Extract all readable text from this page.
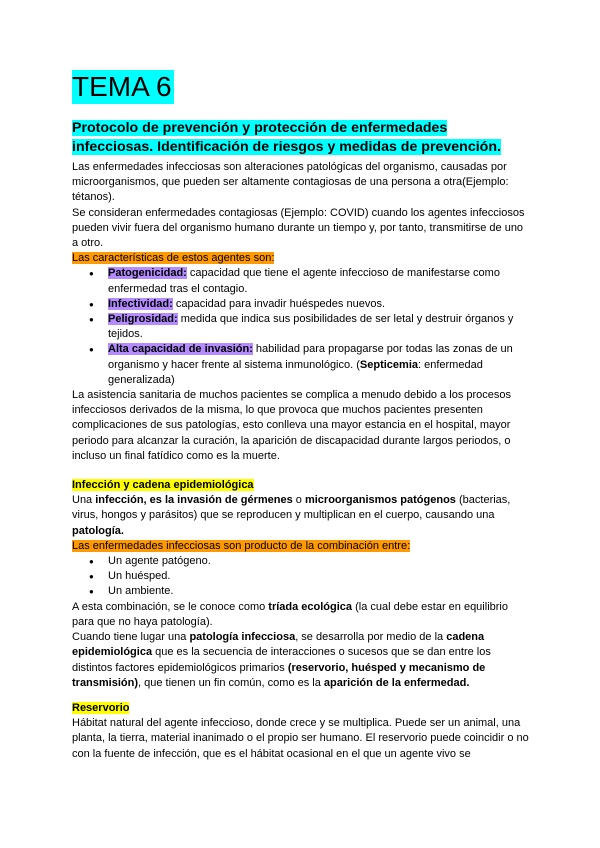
TEMA 6
Protocolo de prevención y protección de enfermedades
infecciosas. Identificación de riesgos y medidas de prevención.

Las enfermedades infecciosas son alteraciones patológicas del organismo, causadas por microorganismos, que pueden ser altamente contagiosas de una persona a otra(Ejemplo: tétanos).

Se consideran enfermedades contagiosas (Ejemplo: COVID) cuando los agentes infecciosos pueden vivir fuera del organismo humano durante un tiempo y, por tanto, transmitirse de uno a otro.

Las características de estos agentes son:

● Patogenicidad: capacidad que tiene el agente infeccioso de manifestarse como enfermedad tras el contagio.
● Infectividad: capacidad para invadir huéspedes nuevos.
● Peligrosidad: medida que indica sus posibilidades de ser letal y destruir órganos y tejidos.
● Alta capacidad de invasión: habilidad para propagarse por todas las zonas de un organismo y hacer frente al sistema inmunológico. (Septicemia: enfermedad generalizada)

La asistencia sanitaria de muchos pacientes se complica a menudo debido a los procesos infecciosos derivados de la misma, lo que provoca que muchos pacientes presenten complicaciones de sus patologías, esto conlleva una mayor estancia en el hospital, mayor periodo para alcanzar la curación, la aparición de discapacidad durante largos periodos, o incluso un final fatídico como es la muerte.

Infección y cadena epidemiológica

Una infección, es la invasión de gérmenes o microorganismos patógenos (bacterias, virus, hongos y parásitos) que se reproducen y multiplican en el cuerpo, causando una patología.

Las enfermedades infecciosas son producto de la combinación entre:

● Un agente patógeno.
● Un huésped.
● Un ambiente.

A esta combinación, se le conoce como tríada ecológica (la cual debe estar en equilibrio para que no haya patología).

Cuando tiene lugar una patología infecciosa, se desarrolla por medio de la cadena epidemiológica que es la secuencia de interacciones o sucesos que se dan entre los distintos factores epidemiológicos primarios (reservorio, huésped y mecanismo de transmisión), que tienen un fin común, como es la aparición de la enfermedad.

Reservorio

Hábitat natural del agente infeccioso, donde crece y se multiplica. Puede ser un animal, una planta, la tierra, material inanimado o el propio ser humano. El reservorio puede coincidir o no con la fuente de infección, que es el hábitat ocasional en el que un agente vivo se
